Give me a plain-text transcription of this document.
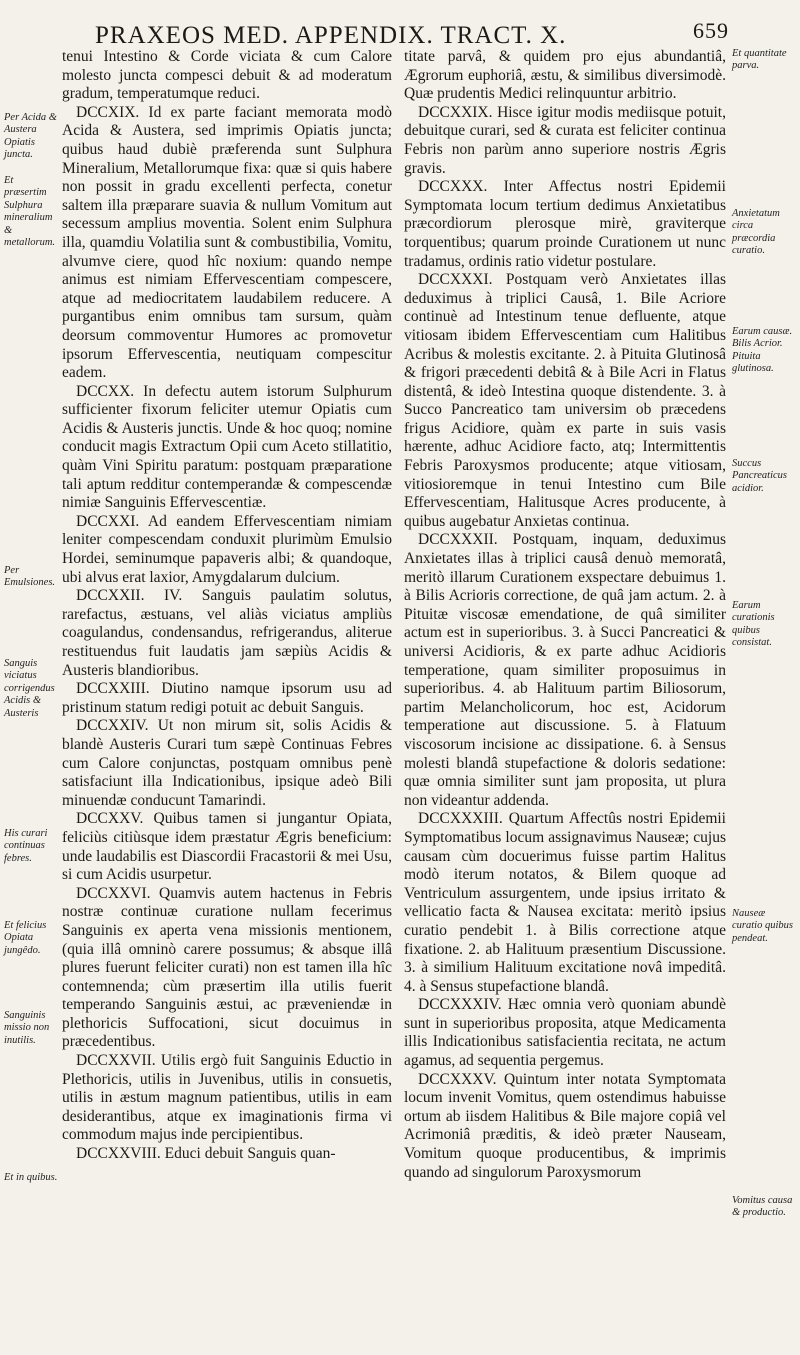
PRAXEOS MED. APPENDIX. TRACT. X.	659

tenui Intestino & Corde viciata & cum Calore molesto juncta compesci debuit & ad moderatum gradum, temperatumque reduci.

DCCXIX. Id ex parte faciant memorata modò Acida & Austera, sed imprimis Opiatis juncta; quibus haud dubiè præferenda sunt Sulphura Mineralium, Metallorumque fixa: quæ si quis habere non possit in gradu excellenti perfecta, conetur saltem illa præparare suavia & nullum Vomitum aut secessum amplius moventia. Solent enim Sulphura illa, quamdiu Volatilia sunt & combustibilia, Vomitu, alvumve ciere, quod hîc noxium: quando nempe animus est nimiam Effervescentiam compescere, atque ad mediocritatem laudabilem reducere. A purgantibus enim omnibus tam sursum, quàm deorsum commoventur Humores ac promovetur ipsorum Effervescentia, neutiquam compescitur eadem.

DCCXX. In defectu autem istorum Sulphurum sufficienter fixorum feliciter utemur Opiatis cum Acidis & Austeris junctis. Unde & hoc quoq; nomine conducit magis Extractum Opii cum Aceto stillatitio, quàm Vini Spiritu paratum: postquam præparatione tali aptum redditur contemperandæ & compescendæ nimiæ Sanguinis Effervescentiæ.

DCCXXI. Ad eandem Effervescentiam nimiam leniter compescendam conduxit plurimùm Emulsio Hordei, seminumque papaveris albi; & quandoque, ubi alvus erat laxior, Amygdalarum dulcium.

DCCXXII. IV. Sanguis paulatim solutus, rarefactus, æstuans, vel aliàs viciatus ampliùs coagulandus, condensandus, refrigerandus, aliterue restituendus fuit laudatis jam sæpiùs Acidis & Austeris blandioribus.

DCCXXIII. Diutino namque ipsorum usu ad pristinum statum redigi potuit ac debuit Sanguis.

DCCXXIV. Ut non mirum sit, solis Acidis & blandè Austeris Curari tum sæpè Continuas Febres cum Calore conjunctas, postquam omnibus penè satisfaciunt illa Indicationibus, ipsique adeò Bili minuendæ conducunt Tamarindi.

DCCXXV. Quibus tamen si jungantur Opiata, feliciùs citiùsque idem præstatur Ægris beneficium: unde laudabilis est Diascordii Fracastorii & mei Usu, si cum Acidis usurpetur.

DCCXXVI. Quamvis autem hactenus in Febris nostræ continuæ curatione nullam fecerimus Sanguinis ex aperta vena missionis mentionem, (quia illâ omninò carere possumus; & absque illâ plures fuerunt feliciter curati) non est tamen illa hîc contemnenda; cùm præsertim illa utilis fuerit temperando Sanguinis æstui, ac præveniendæ in plethoricis Suffocationi, sicut docuimus in præcedentibus.

DCCXXVII. Utilis ergò fuit Sanguinis Eductio in Plethoricis, utilis in Juvenibus, utilis in consuetis, utilis in æstum magnum patientibus, utilis in eam desiderantibus, atque ex imaginationis firma vi commodum majus inde percipientibus.

DCCXXVIII. Educi debuit Sanguis quan-

titate parvâ, & quidem pro ejus abundantiâ, Ægrorum euphoriâ, æstu, & similibus diversimodè. Quæ prudentis Medici relinquuntur arbitrio.

DCCXXIX. Hisce igitur modis mediisque potuit, debuitque curari, sed & curata est feliciter continua Febris non parùm anno superiore nostris Ægris gravis.

DCCXXX. Inter Affectus nostri Epidemii Symptomata locum tertium dedimus Anxietatibus præcordiorum plerosque mirè, graviterque torquentibus; quarum proinde Curationem ut nunc tradamus, ordinis ratio videtur postulare.

DCCXXXI. Postquam verò Anxietates illas deduximus à triplici Causâ, 1. Bile Acriore continuè ad Intestinum tenue defluente, atque vitiosam ibidem Effervescentiam cum Halitibus Acribus & molestis excitante. 2. à Pituita Glutinosâ & frigori præcedenti debitâ & à Bile Acri in Flatus distentâ, & ideò Intestina quoque distendente. 3. à Succo Pancreatico tam universim ob præcedens frigus Acidiore, quàm ex parte in suis vasis hærente, adhuc Acidiore facto, atq; Intermittentis Febris Paroxysmos producente; atque vitiosam, vitiosioremque in tenui Intestino cum Bile Effervescentiam, Halitusque Acres producente, à quibus augebatur Anxietas continua.

DCCXXXII. Postquam, inquam, deduximus Anxietates illas à triplici causâ denuò memoratâ, meritò illarum Curationem exspectare debuimus 1. à Bilis Acrioris correctione, de quâ jam actum. 2. à Pituitæ viscosæ emendatione, de quâ similiter actum est in superioribus. 3. à Succi Pancreatici & universi Acidioris, & ex parte adhuc Acidioris temperatione, quam similiter proposuimus in superioribus. 4. ab Halituum partim Biliosorum, partim Melancholicorum, hoc est, Acidorum temperatione aut discussione. 5. à Flatuum viscosorum incisione ac dissipatione. 6. à Sensus molesti blandâ stupefactione & doloris sedatione: quæ omnia similiter sunt jam proposita, ut plura non videantur addenda.

DCCXXXIII. Quartum Affectûs nostri Epidemii Symptomatibus locum assignavimus Nauseæ; cujus causam cùm docuerimus fuisse partim Halitus modò iterum notatos, & Bilem quoque ad Ventriculum assurgentem, unde ipsius irritato & vellicatio facta & Nausea excitata: meritò ipsius curatio pendebit 1. à Bilis correctione atque fixatione. 2. ab Halituum præsentium Discussione. 3. à similium Halituum excitatione novâ impeditâ. 4. à Sensus stupefactione blandâ.

DCCXXXIV. Hæc omnia verò quoniam abundè sunt in superioribus proposita, atque Medicamenta illis Indicationibus satisfacientia recitata, ne actum agamus, ad sequentia pergemus.

DCCXXXV. Quintum inter notata Symptomata locum invenit Vomitus, quem ostendimus habuisse ortum ab iisdem Halitibus & Bile majore copiâ vel Acrimoniâ præditis, & ideò præter Nauseam, Vomitum quoque producentibus, & imprimis quando ad singulorum Paroxysmorum

Per Acida & Austera Opiatis juncta.
Et præsertim Sulphura mineralium & metallorum.
Per Emulsiones.
Sanguis viciatus corrigendus Acidis & Austeris
His curari continuas febres.
Et felicius Opiata jungêdo.
Sanguinis missio non inutilis.
Et in quibus.
Et quantitate parva.
Anxietatum circa præcordia curatio.
Earum causæ. Bilis Acrior. Pituita glutinosa.
Succus Pancreaticus acidior.
Earum curationis quibus consistat.
Nauseæ curatio quibus pendeat.
Vomitus causa & productio.
